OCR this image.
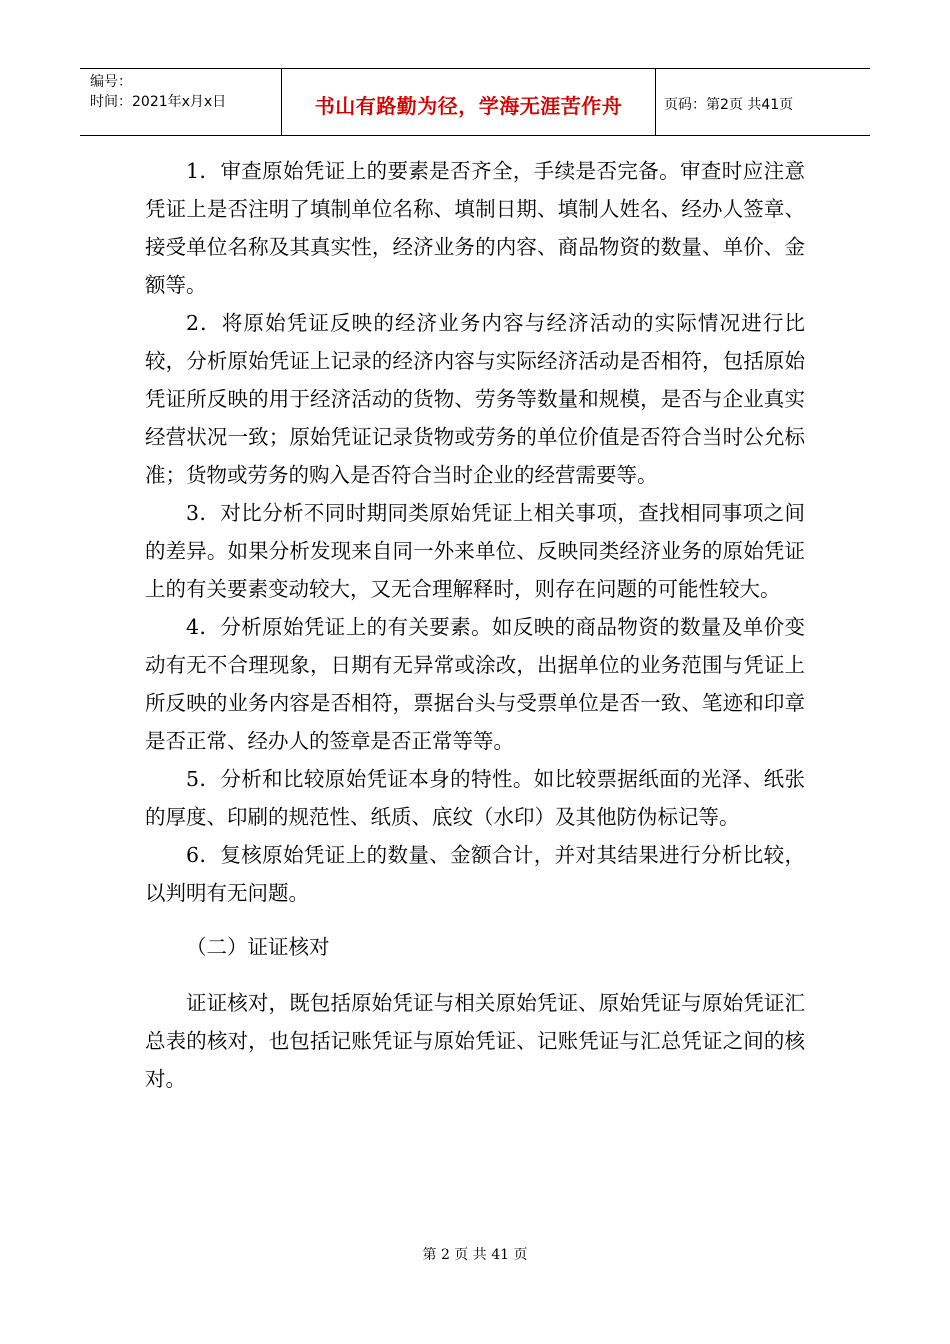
编号：
时间：2021年x月x日	书山有路勤为径，学海无涯苦作舟	页码：第2页 共41页

1．审查原始凭证上的要素是否齐全，手续是否完备。审查时应注意凭证上是否注明了填制单位名称、填制日期、填制人姓名、经办人签章、接受单位名称及其真实性，经济业务的内容、商品物资的数量、单价、金额等。

2．将原始凭证反映的经济业务内容与经济活动的实际情况进行比较，分析原始凭证上记录的经济内容与实际经济活动是否相符，包括原始凭证所反映的用于经济活动的货物、劳务等数量和规模，是否与企业真实经营状况一致；原始凭证记录货物或劳务的单位价值是否符合当时公允标准；货物或劳务的购入是否符合当时企业的经营需要等。

3．对比分析不同时期同类原始凭证上相关事项，查找相同事项之间的差异。如果分析发现来自同一外来单位、反映同类经济业务的原始凭证上的有关要素变动较大，又无合理解释时，则存在问题的可能性较大。

4．分析原始凭证上的有关要素。如反映的商品物资的数量及单价变动有无不合理现象，日期有无异常或涂改，出据单位的业务范围与凭证上所反映的业务内容是否相符，票据台头与受票单位是否一致、笔迹和印章是否正常、经办人的签章是否正常等等。

5．分析和比较原始凭证本身的特性。如比较票据纸面的光泽、纸张的厚度、印刷的规范性、纸质、底纹（水印）及其他防伪标记等。

6．复核原始凭证上的数量、金额合计，并对其结果进行分析比较，以判明有无问题。

（二）证证核对

证证核对，既包括原始凭证与相关原始凭证、原始凭证与原始凭证汇总表的核对，也包括记账凭证与原始凭证、记账凭证与汇总凭证之间的核对。

第 2 页 共 41 页
